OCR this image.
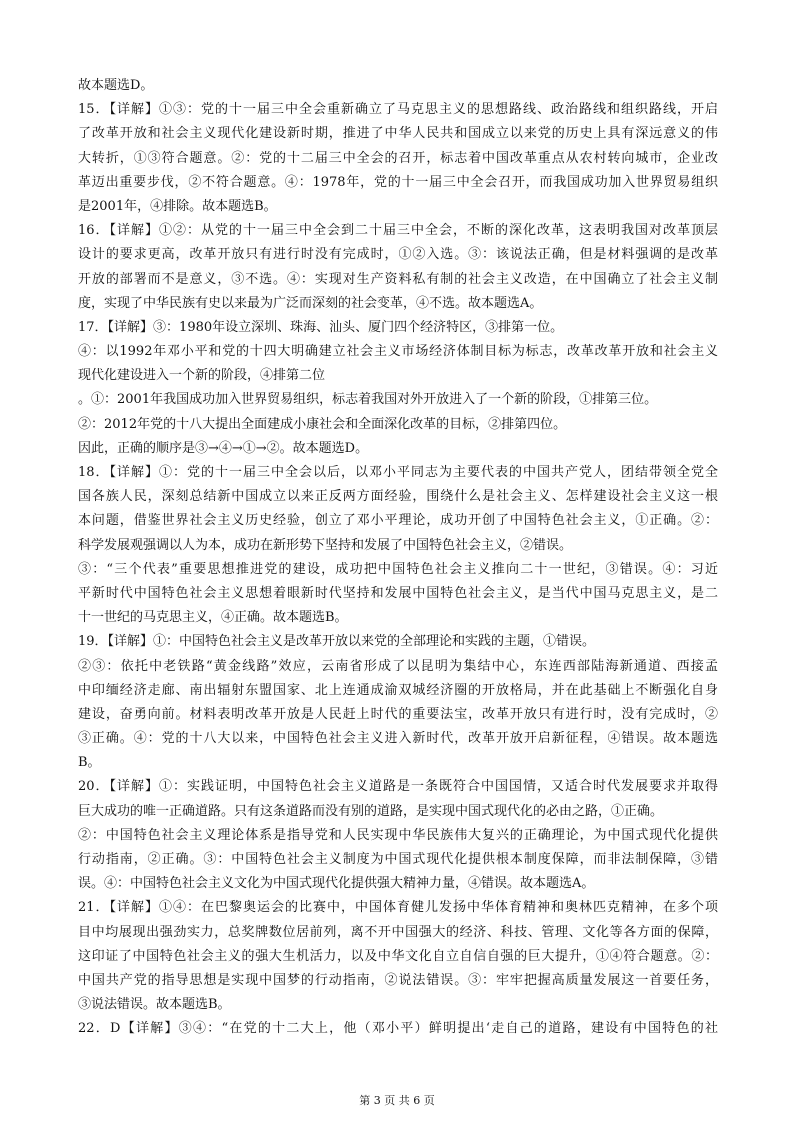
故本题选D。
15．【详解】①③：党的十一届三中全会重新确立了马克思主义的思想路线、政治路线和组织路线，开启
了改革开放和社会主义现代化建设新时期，推进了中华人民共和国成立以来党的历史上具有深远意义的伟
大转折，①③符合题意。②：党的十二届三中全会的召开，标志着中国改革重点从农村转向城市，企业改
革迈出重要步伐，②不符合题意。④：1978年，党的十一届三中全会召开，而我国成功加入世界贸易组织
是2001年，④排除。故本题选B。
16．【详解】①②：从党的十一届三中全会到二十届三中全会，不断的深化改革，这表明我国对改革顶层
设计的要求更高，改革开放只有进行时没有完成时，①②入选。③：该说法正确，但是材料强调的是改革
开放的部署而不是意义，③不选。④：实现对生产资料私有制的社会主义改造，在中国确立了社会主义制
度，实现了中华民族有史以来最为广泛而深刻的社会变革，④不选。故本题选A。
17．【详解】③：1980年设立深圳、珠海、汕头、厦门四个经济特区，③排第一位。
④：以1992年邓小平和党的十四大明确建立社会主义市场经济体制目标为标志，改革改革开放和社会主义
现代化建设进入一个新的阶段，④排第二位
。①：2001年我国成功加入世界贸易组织，标志着我国对外开放进入了一个新的阶段，①排第三位。
②：2012年党的十八大提出全面建成小康社会和全面深化改革的目标，②排第四位。
因此，正确的顺序是③→④→①→②。故本题选D。
18．【详解】①：党的十一届三中全会以后，以邓小平同志为主要代表的中国共产党人，团结带领全党全
国各族人民，深刻总结新中国成立以来正反两方面经验，围绕什么是社会主义、怎样建设社会主义这一根
本问题，借鉴世界社会主义历史经验，创立了邓小平理论，成功开创了中国特色社会主义，①正确。②：
科学发展观强调以人为本，成功在新形势下坚持和发展了中国特色社会主义，②错误。
③：“三个代表”重要思想推进党的建设，成功把中国特色社会主义推向二十一世纪，③错误。④：习近
平新时代中国特色社会主义思想着眼新时代坚持和发展中国特色社会主义，是当代中国马克思主义，是二
十一世纪的马克思主义，④正确。故本题选B。
19．【详解】①：中国特色社会主义是改革开放以来党的全部理论和实践的主题，①错误。
②③：依托中老铁路“黄金线路”效应，云南省形成了以昆明为集结中心，东连西部陆海新通道、西接孟
中印缅经济走廊、南出辐射东盟国家、北上连通成渝双城经济圈的开放格局，并在此基础上不断强化自身
建设，奋勇向前。材料表明改革开放是人民赶上时代的重要法宝，改革开放只有进行时，没有完成时，②
③正确。④：党的十八大以来，中国特色社会主义进入新时代，改革开放开启新征程，④错误。故本题选
B。
20．【详解】①：实践证明，中国特色社会主义道路是一条既符合中国国情，又适合时代发展要求并取得
巨大成功的唯一正确道路。只有这条道路而没有别的道路，是实现中国式现代化的必由之路，①正确。
②：中国特色社会主义理论体系是指导党和人民实现中华民族伟大复兴的正确理论，为中国式现代化提供
行动指南，②正确。③：中国特色社会主义制度为中国式现代化提供根本制度保障，而非法制保障，③错
误。④：中国特色社会主义文化为中国式现代化提供强大精神力量，④错误。故本题选A。
21．【详解】①④：在巴黎奥运会的比赛中，中国体育健儿发扬中华体育精神和奥林匹克精神，在多个项
目中均展现出强劲实力，总奖牌数位居前列，离不开中国强大的经济、科技、管理、文化等各方面的保障，
这印证了中国特色社会主义的强大生机活力，以及中华文化自立自信自强的巨大提升，①④符合题意。②：
中国共产党的指导思想是实现中国梦的行动指南，②说法错误。③：牢牢把握高质量发展这一首要任务，
③说法错误。故本题选B。
22．D【详解】③④：“在党的十二大上，他（邓小平）鲜明提出‘走自己的道路，建设有中国特色的社
第 3 页 共 6 页
